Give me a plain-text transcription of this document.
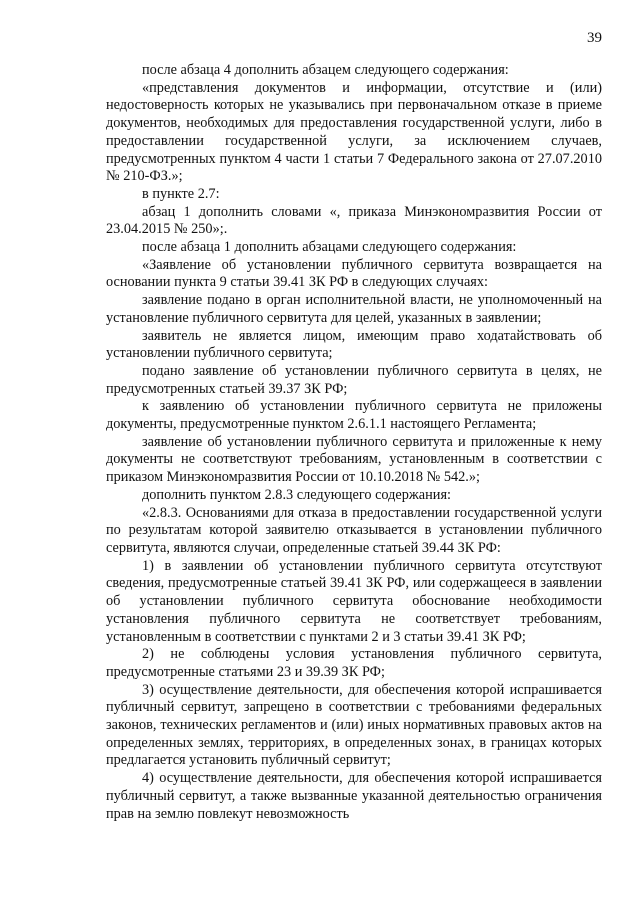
39

после абзаца 4 дополнить абзацем следующего содержания:

«представления документов и информации, отсутствие и (или) недостоверность которых не указывались при первоначальном отказе в приеме документов, необходимых для предоставления государственной услуги, либо в предоставлении государственной услуги, за исключением случаев, предусмотренных пунктом 4 части 1 статьи 7 Федерального закона от 27.07.2010 № 210-ФЗ.»;

в пункте 2.7:

абзац 1 дополнить словами «, приказа Минэкономразвития России от 23.04.2015 № 250»;.

после абзаца 1 дополнить абзацами следующего содержания:

«Заявление об установлении публичного сервитута возвращается на основании пункта 9 статьи 39.41 ЗК РФ в следующих случаях:

заявление подано в орган исполнительной власти, не уполномоченный на установление публичного сервитута для целей, указанных в заявлении;

заявитель не является лицом, имеющим право ходатайствовать об установлении публичного сервитута;

подано заявление об установлении публичного сервитута в целях, не предусмотренных статьей 39.37 ЗК РФ;

к заявлению об установлении публичного сервитута не приложены документы, предусмотренные пунктом 2.6.1.1 настоящего Регламента;

заявление об установлении публичного сервитута и приложенные к нему документы не соответствуют требованиям, установленным в соответствии с приказом Минэкономразвития России от 10.10.2018 № 542.»;

дополнить пунктом 2.8.3 следующего содержания:

«2.8.3. Основаниями для отказа в предоставлении государственной услуги по результатам которой заявителю отказывается в установлении публичного сервитута, являются случаи, определенные статьей 39.44 ЗК РФ:

1) в заявлении об установлении публичного сервитута отсутствуют сведения, предусмотренные статьей 39.41 ЗК РФ, или содержащееся в заявлении об установлении публичного сервитута обоснование необходимости установления публичного сервитута не соответствует требованиям, установленным в соответствии с пунктами 2 и 3 статьи 39.41 ЗК РФ;

2) не соблюдены условия установления публичного сервитута, предусмотренные статьями 23 и 39.39 ЗК РФ;

3) осуществление деятельности, для обеспечения которой испрашивается публичный сервитут, запрещено в соответствии с требованиями федеральных законов, технических регламентов и (или) иных нормативных правовых актов на определенных землях, территориях, в определенных зонах, в границах которых предлагается установить публичный сервитут;

4) осуществление деятельности, для обеспечения которой испрашивается публичный сервитут, а также вызванные указанной деятельностью ограничения прав на землю повлекут невозможность
